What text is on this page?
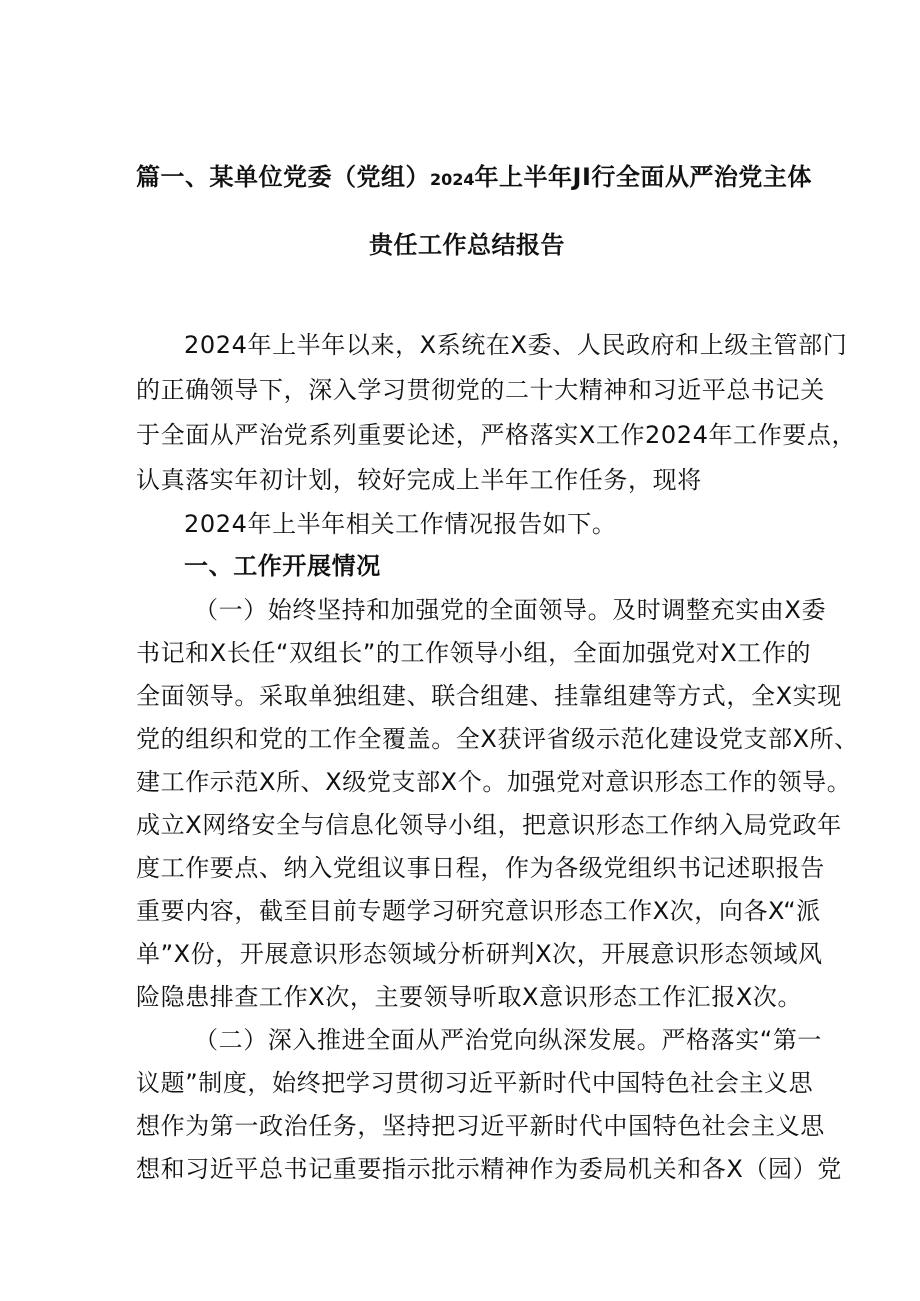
篇一、某单位党委（党组）2024年上半年JI行全面从严治党主体
贵任工作总结报告
2024年上半年以来，X系统在X委、人民政府和上级主管部门
的正确领导下，深入学习贯彻党的二十大精神和习近平总书记关
于全面从严治党系列重要论述，严格落实X工作2024年工作要点，
认真落实年初计划，较好完成上半年工作任务，现将
2024年上半年相关工作情况报告如下。
一、工作开展情况
（一）始终坚持和加强党的全面领导。及时调整充实由X委
书记和X长任“双组长”的工作领导小组，全面加强党对X工作的
全面领导。采取单独组建、联合组建、挂靠组建等方式，全X实现
党的组织和党的工作全覆盖。全X获评省级示范化建设党支部X所、
建工作示范X所、X级党支部X个。加强党对意识形态工作的领导。
成立X网络安全与信息化领导小组，把意识形态工作纳入局党政年
度工作要点、纳入党组议事日程，作为各级党组织书记述职报告
重要内容，截至目前专题学习研究意识形态工作X次，向各X“派
单”X份，开展意识形态领域分析研判X次，开展意识形态领域风
险隐患排查工作X次，主要领导听取X意识形态工作汇报X次。
（二）深入推进全面从严治党向纵深发展。严格落实“第一
议题”制度，始终把学习贯彻习近平新时代中国特色社会主义思
想作为第一政治任务，坚持把习近平新时代中国特色社会主义思
想和习近平总书记重要指示批示精神作为委局机关和各X（园）党
